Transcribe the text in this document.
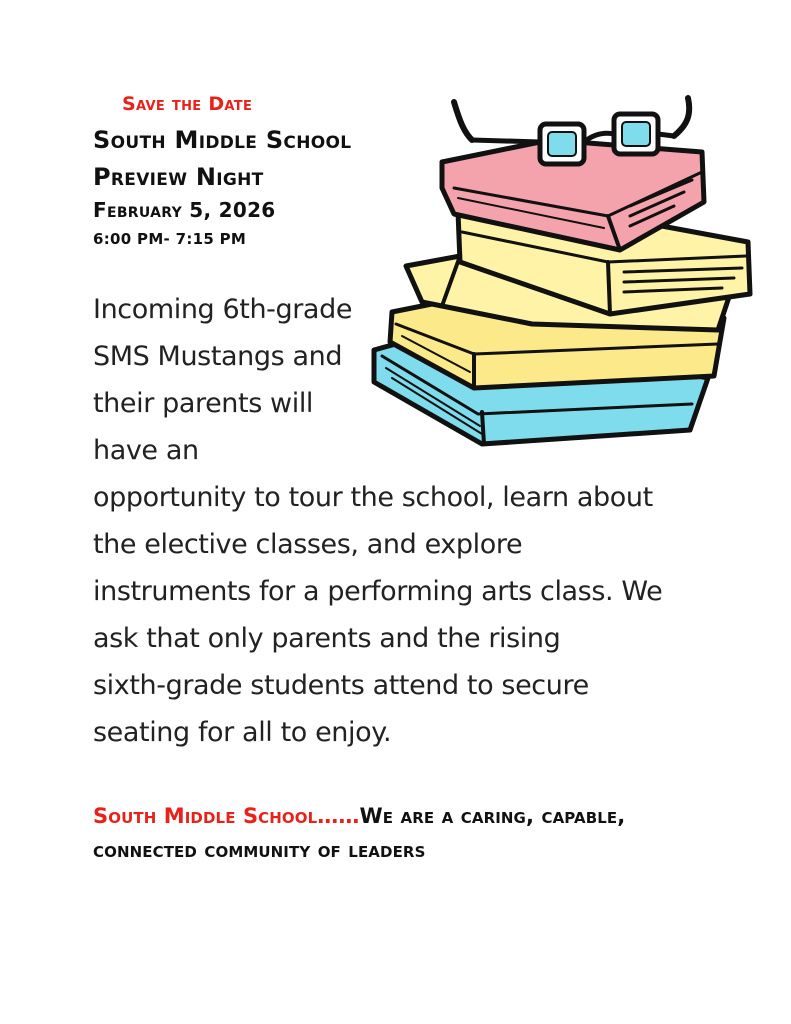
Save the Date
South Middle School
Preview Night
February 5, 2026
6:00 PM- 7:15 PM
Incoming 6th-grade
SMS Mustangs and
their parents will
have an
opportunity to tour the school, learn about
the elective classes, and explore
instruments for a performing arts class. We
ask that only parents and the rising
sixth-grade students attend to secure
seating for all to enjoy.
South Middle School……We are a caring, capable,
connected community of leaders
